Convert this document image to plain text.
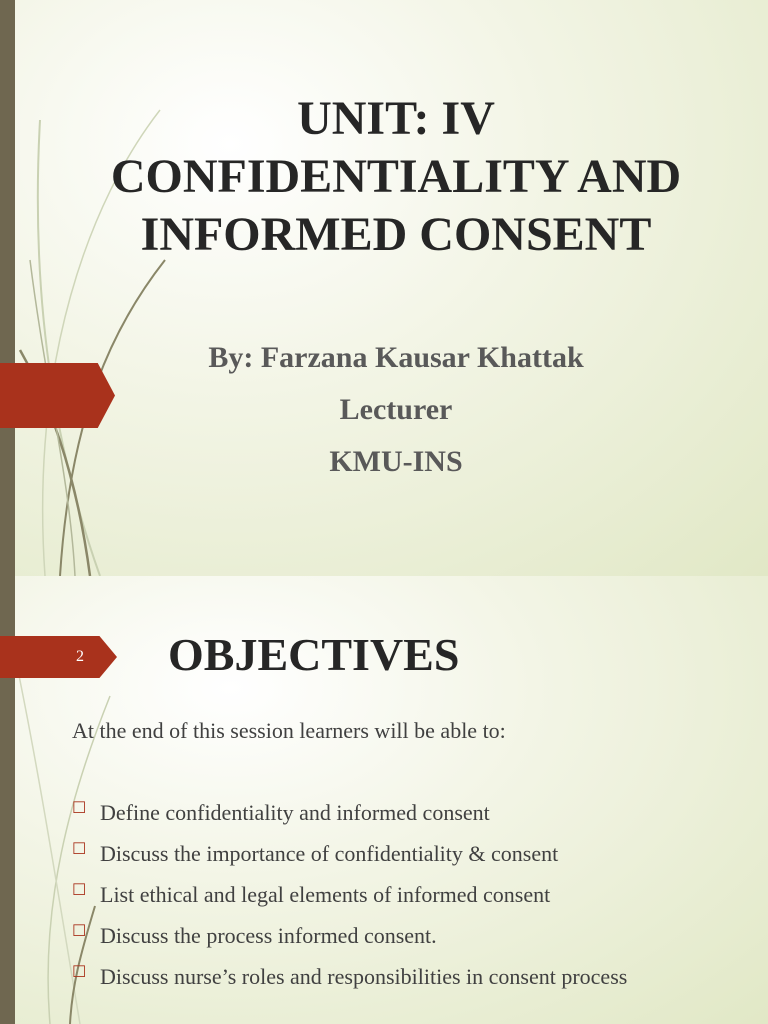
UNIT: IV
CONFIDENTIALITY AND
INFORMED CONSENT
By: Farzana Kausar Khattak
Lecturer
KMU-INS
2 OBJECTIVES
At the end of this session learners will be able to:
☐ Define confidentiality and informed consent
☐ Discuss the importance of confidentiality & consent
☐ List ethical and legal elements of informed consent
☐ Discuss the process informed consent.
☐ Discuss nurse’s roles and responsibilities in consent process
